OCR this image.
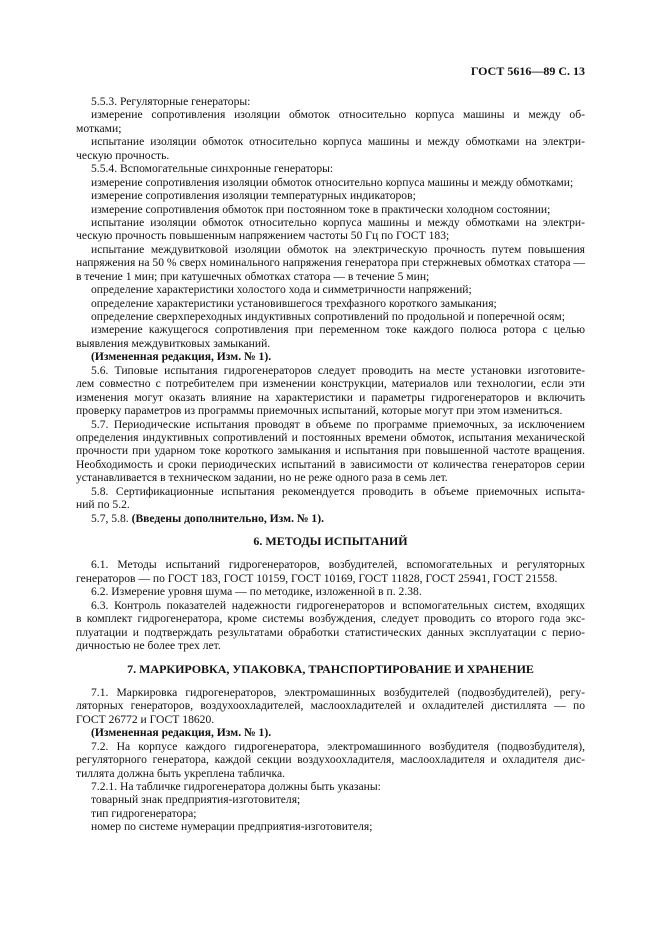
ГОСТ 5616—89 С. 13
5.5.3. Регуляторные генераторы:
измерение сопротивления изоляции обмоток относительно корпуса машины и между об-
мотками;
испытание изоляции обмоток относительно корпуса машины и между обмотками на электри-
ческую прочность.
5.5.4. Вспомогательные синхронные генераторы:
измерение сопротивления изоляции обмоток относительно корпуса машины и между обмотками;
измерение сопротивления изоляции температурных индикаторов;
измерение сопротивления обмоток при постоянном токе в практически холодном состоянии;
испытание изоляции обмоток относительно корпуса машины и между обмотками на электри-
ческую прочность повышенным напряжением частоты 50 Гц по ГОСТ 183;
испытание междувитковой изоляции обмоток на электрическую прочность путем повышения
напряжения на 50 % сверх номинального напряжения генератора при стержневых обмотках статора —
в течение 1 мин; при катушечных обмотках статора — в течение 5 мин;
определение характеристики холостого хода и симметричности напряжений;
определение характеристики установившегося трехфазного короткого замыкания;
определение сверхпереходных индуктивных сопротивлений по продольной и поперечной осям;
измерение кажущегося сопротивления при переменном токе каждого полюса ротора с целью
выявления междувитковых замыканий.
(Измененная редакция, Изм. № 1).
5.6. Типовые испытания гидрогенераторов следует проводить на месте установки изготовите-
лем совместно с потребителем при изменении конструкции, материалов или технологии, если эти
изменения могут оказать влияние на характеристики и параметры гидрогенераторов и включить
проверку параметров из программы приемочных испытаний, которые могут при этом измениться.
5.7. Периодические испытания проводят в объеме по программе приемочных, за исключением
определения индуктивных сопротивлений и постоянных времени обмоток, испытания механической
прочности при ударном токе короткого замыкания и испытания при повышенной частоте вращения.
Необходимость и сроки периодических испытаний в зависимости от количества генераторов серии
устанавливается в техническом задании, но не реже одного раза в семь лет.
5.8. Сертификационные испытания рекомендуется проводить в объеме приемочных испыта-
ний по 5.2.
5.7, 5.8. (Введены дополнительно, Изм. № 1).
6. МЕТОДЫ ИСПЫТАНИЙ
6.1. Методы испытаний гидрогенераторов, возбудителей, вспомогательных и регуляторных
генераторов — по ГОСТ 183, ГОСТ 10159, ГОСТ 10169, ГОСТ 11828, ГОСТ 25941, ГОСТ 21558.
6.2. Измерение уровня шума — по методике, изложенной в п. 2.38.
6.3. Контроль показателей надежности гидрогенераторов и вспомогательных систем, входящих
в комплект гидрогенератора, кроме системы возбуждения, следует проводить со второго года экс-
плуатации и подтверждать результатами обработки статистических данных эксплуатации с перио-
дичностью не более трех лет.
7. МАРКИРОВКА, УПАКОВКА, ТРАНСПОРТИРОВАНИЕ И ХРАНЕНИЕ
7.1. Маркировка гидрогенераторов, электромашинных возбудителей (подвозбудителей), регу-
ляторных генераторов, воздухоохладителей, маслоохладителей и охладителей дистиллята — по
ГОСТ 26772 и ГОСТ 18620.
(Измененная редакция, Изм. № 1).
7.2. На корпусе каждого гидрогенератора, электромашинного возбудителя (подвозбудителя),
регуляторного генератора, каждой секции воздухоохладителя, маслоохладителя и охладителя дис-
тиллята должна быть укреплена табличка.
7.2.1. На табличке гидрогенератора должны быть указаны:
товарный знак предприятия-изготовителя;
тип гидрогенератора;
номер по системе нумерации предприятия-изготовителя;
